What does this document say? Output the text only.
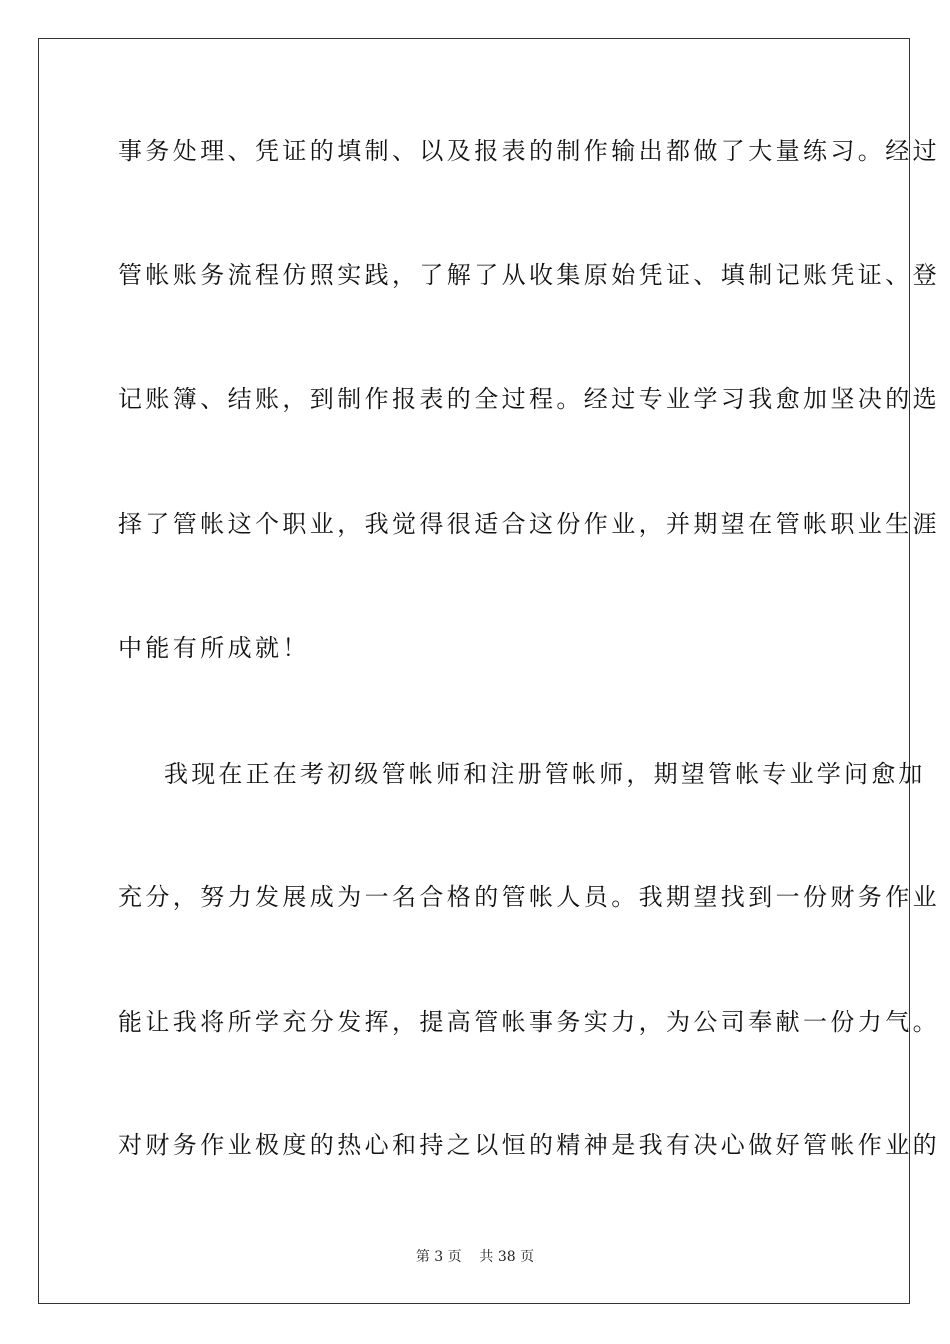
事务处理、凭证的填制、以及报表的制作输出都做了大量练习。经过
管帐账务流程仿照实践，了解了从收集原始凭证、填制记账凭证、登
记账簿、结账，到制作报表的全过程。经过专业学习我愈加坚决的选
择了管帐这个职业，我觉得很适合这份作业，并期望在管帐职业生涯
中能有所成就！
我现在正在考初级管帐师和注册管帐师，期望管帐专业学问愈加
充分，努力发展成为一名合格的管帐人员。我期望找到一份财务作业
能让我将所学充分发挥，提高管帐事务实力，为公司奉献一份力气。
对财务作业极度的热心和持之以恒的精神是我有决心做好管帐作业的
第 3 页    共 38 页
